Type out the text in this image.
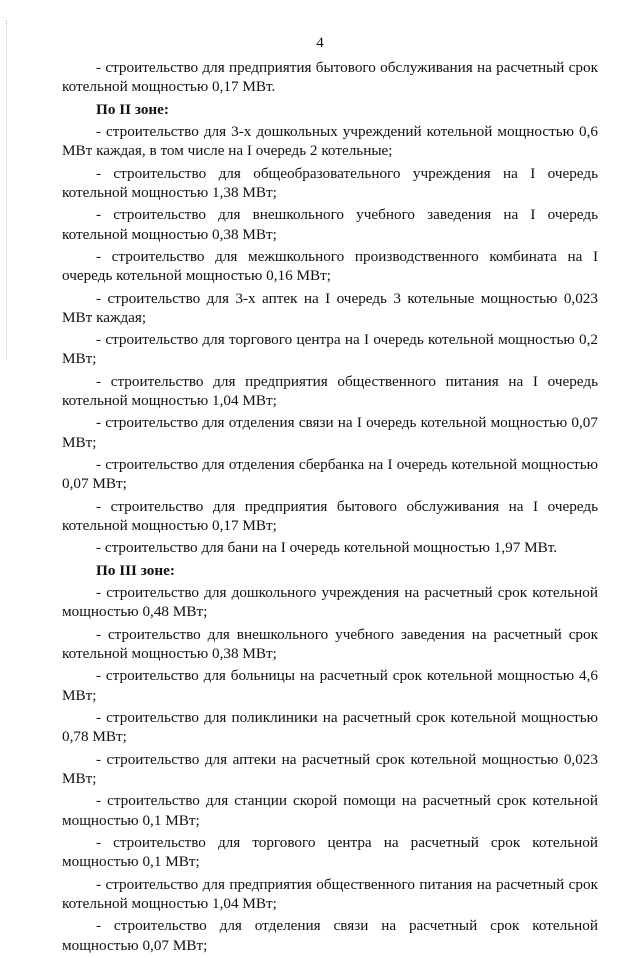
4

- строительство для предприятия бытового обслуживания на расчетный срок котельной мощностью 0,17 МВт.

По II зоне:

- строительство для 3-х дошкольных учреждений котельной мощностью 0,6 МВт каждая, в том числе на I очередь 2 котельные;

- строительство для общеобразовательного учреждения на I очередь котельной мощностью 1,38 МВт;

- строительство для внешкольного учебного заведения на I очередь котельной мощностью 0,38 МВт;

- строительство для межшкольного производственного комбината на I очередь котельной мощностью 0,16 МВт;

- строительство для 3-х аптек на I очередь 3 котельные мощностью 0,023 МВт каждая;

- строительство для торгового центра на I очередь котельной мощностью 0,2 МВт;

- строительство для предприятия общественного питания на I очередь котельной мощностью 1,04 МВт;

- строительство для отделения связи на I очередь котельной мощностью 0,07 МВт;

- строительство для отделения сбербанка на I очередь котельной мощностью 0,07 МВт;

- строительство для предприятия бытового обслуживания на I очередь котельной мощностью 0,17 МВт;

- строительство для бани на I очередь котельной мощностью 1,97 МВт.

По III зоне:

- строительство для дошкольного учреждения на расчетный срок котельной мощностью 0,48 МВт;

- строительство для внешкольного учебного заведения на расчетный срок котельной мощностью 0,38 МВт;

- строительство для больницы на расчетный срок котельной мощностью 4,6 МВт;

- строительство для поликлиники на расчетный срок котельной мощностью 0,78 МВт;

- строительство для аптеки на расчетный срок котельной мощностью 0,023 МВт;

- строительство для станции скорой помощи на расчетный срок котельной мощностью 0,1 МВт;

- строительство для торгового центра на расчетный срок котельной мощностью 0,1 МВт;

- строительство для предприятия общественного питания на расчетный срок котельной мощностью 1,04 МВт;

- строительство для отделения связи на расчетный срок котельной мощностью 0,07 МВт;
